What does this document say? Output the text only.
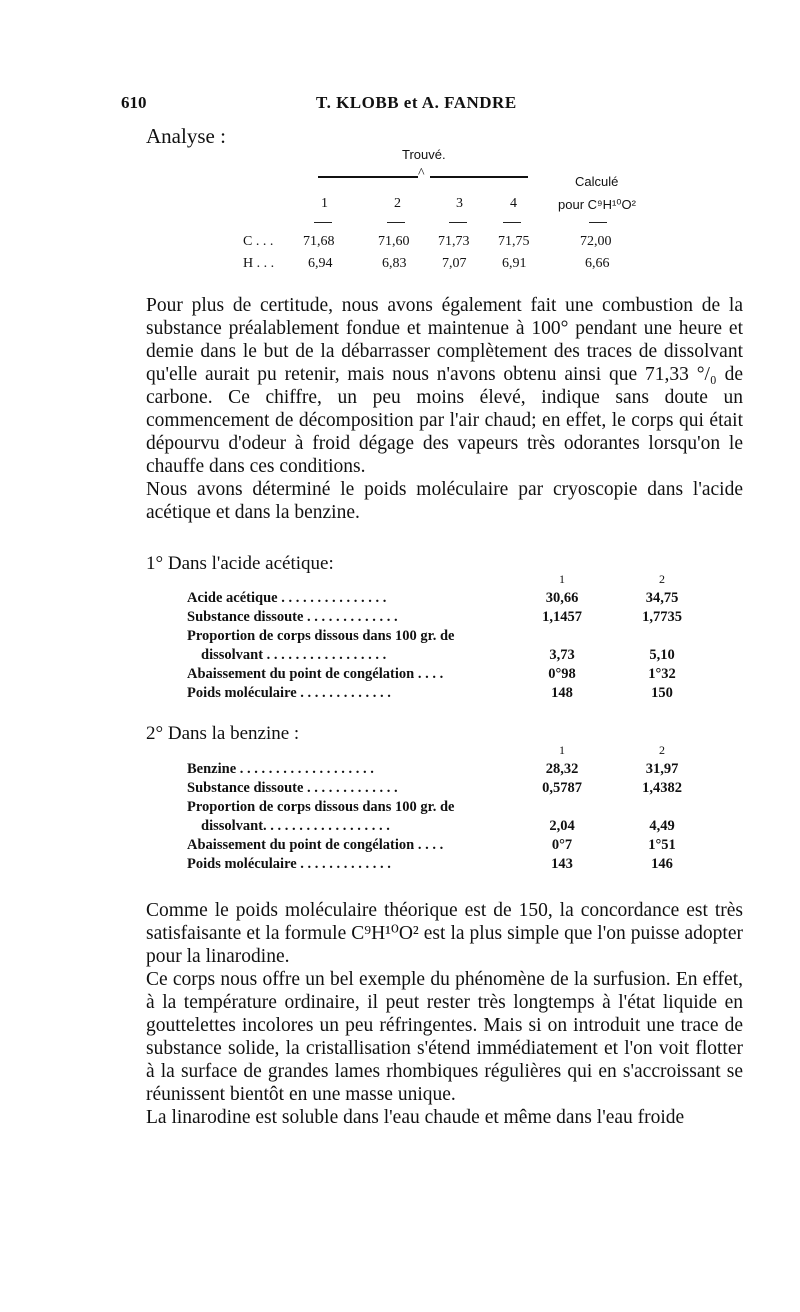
610	T. KLOBB et A. FANDRE
Analyse :
Trouvé.
^
Calculé
1	2	3	4	pour C⁹H¹⁰O²
C . . . 71,68	71,60 71,73 71,75	72,00
H . . . 6,94	6,83	7,07	6,91	6,66

Pour plus de certitude, nous avons également fait une combustion de la substance préalablement fondue et maintenue à 100° pendant une heure et demie dans le but de la débarrasser complètement des traces de dissolvant qu'elle aurait pu retenir, mais nous n'avons obtenu ainsi que 71,33 °/₀ de carbone. Ce chiffre, un peu moins élevé, indique sans doute un commencement de décomposition par l'air chaud; en effet, le corps qui était dépourvu d'odeur à froid dégage des vapeurs très odorantes lorsqu'on le chauffe dans ces conditions.

Nous avons déterminé le poids moléculaire par cryoscopie dans l'acide acétique et dans la benzine.

1° Dans l'acide acétique:
1	2
Acide acétique . . . . . . . . . . . . . . .	30,66	34,75
Substance dissoute . . . . . . . . . . . . .	1,1457	1,7735
Proportion de corps dissous dans 100 gr. de
dissolvant . . . . . . . . . . . . . . . . .	3,73	5,10
Abaissement du point de congélation . . . .	0°98	1°32
Poids moléculaire . . . . . . . . . . . . .	148	150
2° Dans la benzine :
1	2
Benzine . . . . . . . . . . . . . . . . . . .	28,32	31,97
Substance dissoute . . . . . . . . . . . . .	0,5787	1,4382
Proportion de corps dissous dans 100 gr. de
dissolvant. . . . . . . . . . . . . . . . . .	2,04	4,49
Abaissement du point de congélation . . . .	0°7	1°51
Poids moléculaire . . . . . . . . . . . . .	143	146

Comme le poids moléculaire théorique est de 150, la concordance est très satisfaisante et la formule C⁹H¹⁰O² est la plus simple que l'on puisse adopter pour la linarodine.

Ce corps nous offre un bel exemple du phénomène de la surfusion. En effet, à la température ordinaire, il peut rester très longtemps à l'état liquide en gouttelettes incolores un peu réfringentes. Mais si on introduit une trace de substance solide, la cristallisation s'étend immédiatement et l'on voit flotter à la surface de grandes lames rhombiques régulières qui en s'accroissant se réunissent bientôt en une masse unique.

La linarodine est soluble dans l'eau chaude et même dans l'eau froide
